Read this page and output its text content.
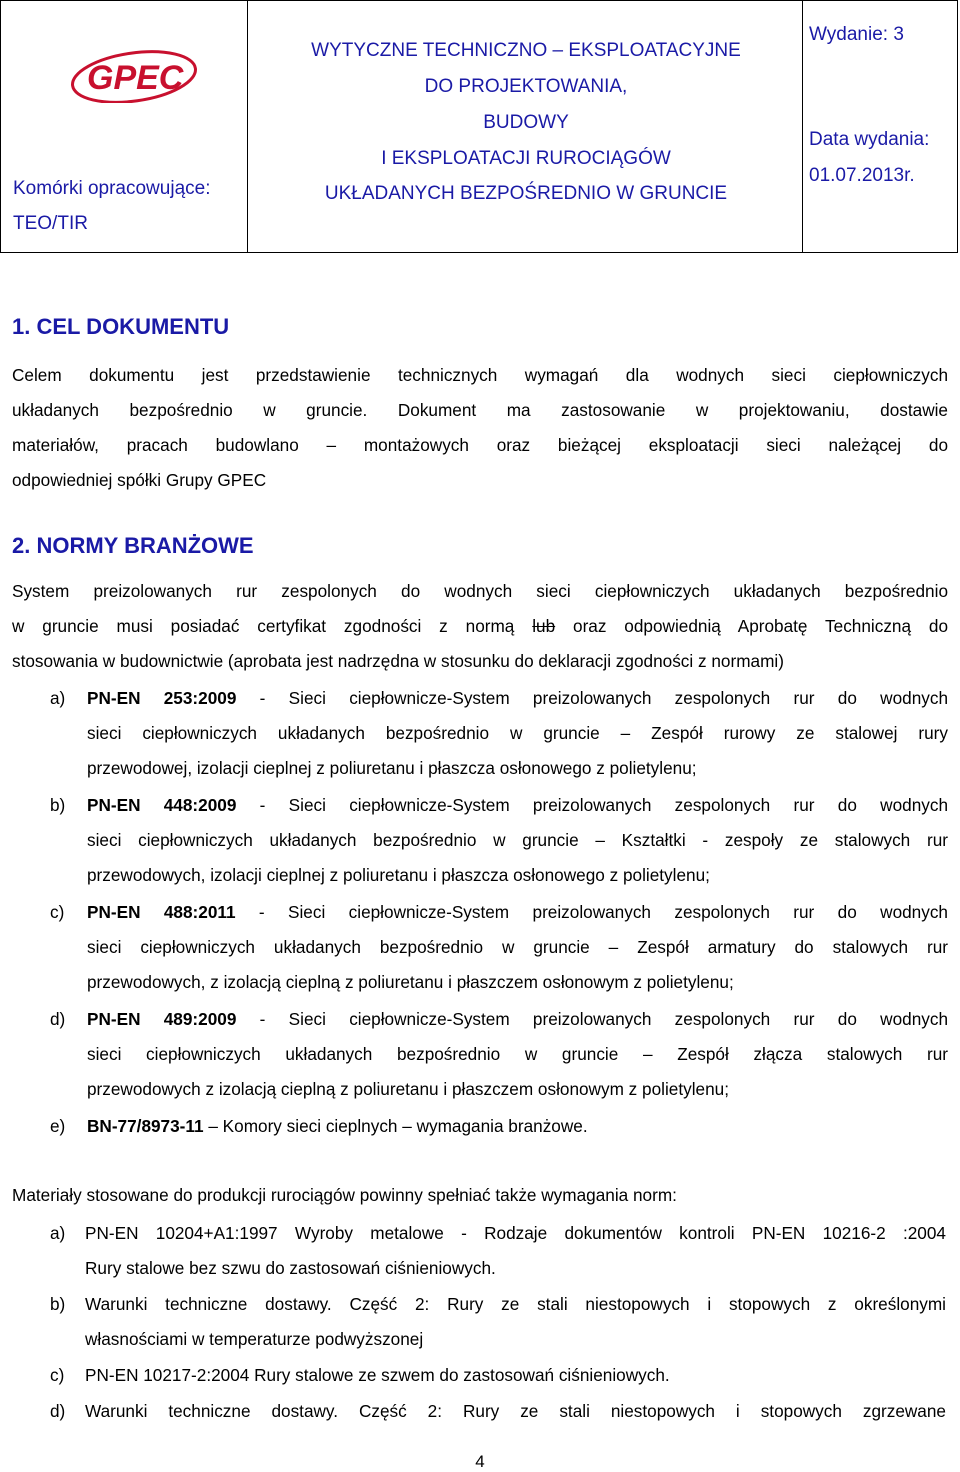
GPEC
Komórki opracowujące:
TEO/TIR
WYTYCZNE TECHNICZNO – EKSPLOATACYJNE
DO PROJEKTOWANIA,
BUDOWY
I EKSPLOATACJI RUROCIĄGÓW
UKŁADANYCH BEZPOŚREDNIO W GRUNCIE
Wydanie: 3
Data wydania:
01.07.2013r.
1. CEL DOKUMENTU
Celem dokumentu jest przedstawienie technicznych wymagań dla wodnych sieci ciepłowniczych
układanych bezpośrednio w gruncie. Dokument ma zastosowanie w projektowaniu, dostawie
materiałów, pracach budowlano – montażowych oraz bieżącej eksploatacji sieci należącej do
odpowiedniej spółki Grupy GPEC
2. NORMY BRANŻOWE
System preizolowanych rur zespolonych do wodnych sieci ciepłowniczych układanych bezpośrednio
w gruncie musi posiadać certyfikat zgodności z normą lub oraz odpowiednią Aprobatę Techniczną do
stosowania w budownictwie (aprobata jest nadrzędna w stosunku do deklaracji zgodności z normami)
a) PN-EN 253:2009 - Sieci ciepłownicze-System preizolowanych zespolonych rur do wodnych
sieci ciepłowniczych układanych bezpośrednio w gruncie – Zespół rurowy ze stalowej rury
przewodowej, izolacji cieplnej z poliuretanu i płaszcza osłonowego z polietylenu;
b) PN-EN 448:2009 - Sieci ciepłownicze-System preizolowanych zespolonych rur do wodnych
sieci ciepłowniczych układanych bezpośrednio w gruncie – Kształtki - zespoły ze stalowych rur
przewodowych, izolacji cieplnej z poliuretanu i płaszcza osłonowego z polietylenu;
c) PN-EN 488:2011 - Sieci ciepłownicze-System preizolowanych zespolonych rur do wodnych
sieci ciepłowniczych układanych bezpośrednio w gruncie – Zespół armatury do stalowych rur
przewodowych, z izolacją cieplną z poliuretanu i płaszczem osłonowym z polietylenu;
d) PN-EN 489:2009 - Sieci ciepłownicze-System preizolowanych zespolonych rur do wodnych
sieci ciepłowniczych układanych bezpośrednio w gruncie – Zespół złącza stalowych rur
przewodowych z izolacją cieplną z poliuretanu i płaszczem osłonowym z polietylenu;
e) BN-77/8973-11 – Komory sieci cieplnych – wymagania branżowe.
Materiały stosowane do produkcji rurociągów powinny spełniać także wymagania norm:
a) PN-EN 10204+A1:1997 Wyroby metalowe - Rodzaje dokumentów kontroli PN-EN 10216-2 :2004
Rury stalowe bez szwu do zastosowań ciśnieniowych.
b) Warunki techniczne dostawy. Część 2: Rury ze stali niestopowych i stopowych z określonymi
własnościami w temperaturze podwyższonej
c) PN-EN 10217-2:2004 Rury stalowe ze szwem do zastosowań ciśnieniowych.
d) Warunki techniczne dostawy. Część 2: Rury ze stali niestopowych i stopowych zgrzewane
4
